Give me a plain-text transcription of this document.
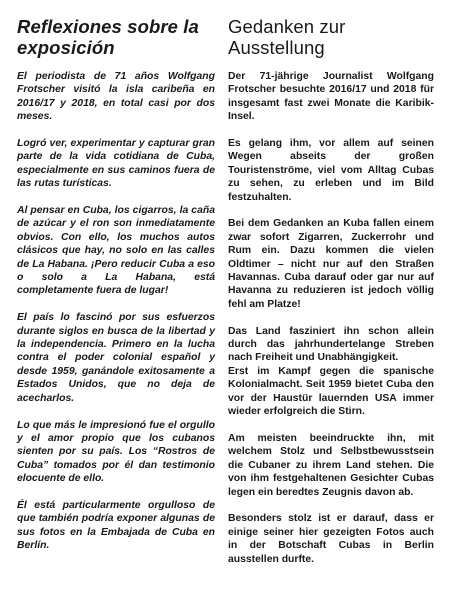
Reflexiones sobre la exposición

El periodista de 71 años Wolfgang Frotscher visitó la isla caribeña en 2016/17 y 2018, en total casi por dos meses.

Logró ver, experimentar y capturar gran parte de la vida cotidiana de Cuba, especialmente en sus caminos fuera de las rutas turísticas.

Al pensar en Cuba, los cigarros, la caña de azúcar y el ron son inmediatamente obvios. Con ello, los muchos autos clásicos que hay, no solo en las calles de La Habana. ¡Pero reducir Cuba a eso o solo a La Habana, está completamente fuera de lugar!

El país lo fascinó por sus esfuerzos durante siglos en busca de la libertad y la independencia. Primero en la lucha contra el poder colonial español y desde 1959, ganándole exitosamente a Estados Unidos, que no deja de acecharlos.

Lo que más le impresionó fue el orgullo y el amor propio que los cubanos sienten por su país. Los “Rostros de Cuba” tomados por él dan testimonio elocuente de ello.

Él está particularmente orgulloso de que también podría exponer algunas de sus fotos en la Embajada de Cuba en Berlín.

Gedanken zur Ausstellung

Der 71-jährige Journalist Wolfgang Frotscher besuchte 2016/17 und 2018 für insgesamt fast zwei Monate die Karibik-Insel.

Es gelang ihm, vor allem auf seinen Wegen abseits der großen Touristenströme, viel vom Alltag Cubas zu sehen, zu erleben und im Bild festzuhalten.

Bei dem Gedanken an Kuba fallen einem zwar sofort Zigarren, Zuckerrohr und Rum ein. Dazu kommen die vielen Oldtimer – nicht nur auf den Straßen Havannas. Cuba darauf oder gar nur auf Havanna zu reduzieren ist jedoch völlig fehl am Platze!

Das Land fasziniert ihn schon allein durch das jahrhundertelange Streben nach Freiheit und Unabhängigkeit.

Erst im Kampf gegen die spanische Kolonialmacht. Seit 1959 bietet Cuba den vor der Haustür lauernden USA immer wieder erfolgreich die Stirn.

Am meisten beeindruckte ihn, mit welchem Stolz und Selbstbewusstsein die Cubaner zu ihrem Land stehen. Die von ihm festgehaltenen Gesichter Cubas legen ein beredtes Zeugnis davon ab.

Besonders stolz ist er darauf, dass er einige seiner hier gezeigten Fotos auch in der Botschaft Cubas in Berlin ausstellen durfte.
